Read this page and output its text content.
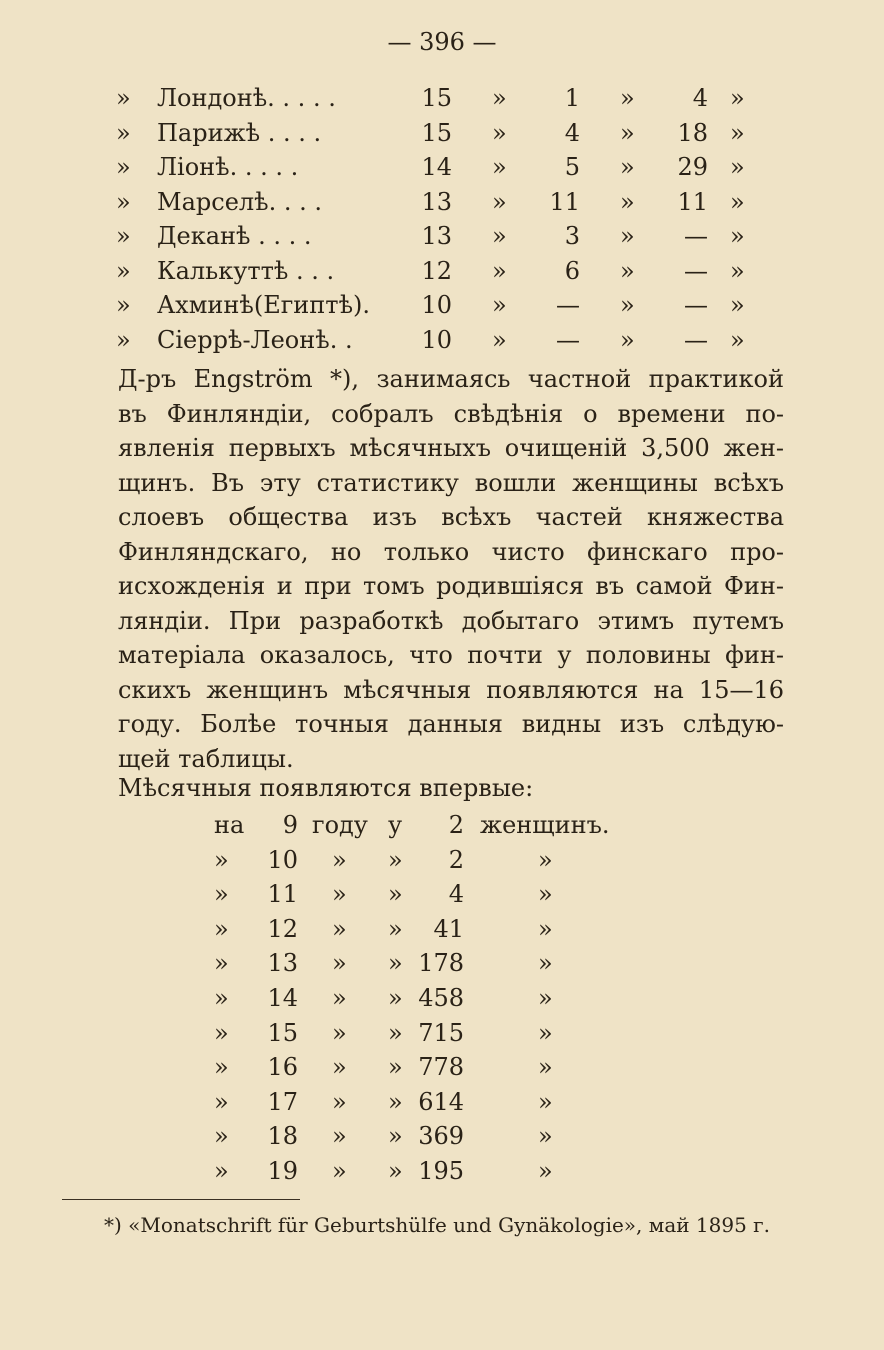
— 396 —
» Лондонѣ. . . . .	15 »	1 »	4 »
» Парижѣ . . . .	15 »	4 »	18 »
» Ліонѣ. . . . .	14 »	5 »	29 »
» Марселѣ. . . .	13 »	11 »	11 »
» Деканѣ . . . .	13 »	3 »	— »
» Калькуттѣ . . .	12 »	6 »	— »
» Ахминѣ(Египтѣ).	10 »	— »	— »
» Сіеррѣ-Леонѣ. .	10 »	— »	— »
Д-ръ Engström *), занимаясь частной практикой
въ Финляндіи, собралъ свѣдѣнія о времени по-
явленія первыхъ мѣсячныхъ очищеній 3,500 жен-
щинъ. Въ эту статистику вошли женщины всѣхъ
слоевъ общества изъ всѣхъ частей княжества
Финляндскаго, но только чисто финскаго про-
исхожденія и при томъ родившіяся въ самой Фин-
ляндіи. При разработкѣ добытаго этимъ путемъ
матеріала оказалось, что почти у половины фин-
скихъ женщинъ мѣсячныя появляются на 15—16
году. Болѣе точныя данныя видны изъ слѣдую-
щей таблицы.
Мѣсячныя появляются впервые:
на	9 году у	2 женщинъ.
»	10 » »	2	»
»	11 » »	4	»
»	12 » »	41	»
»	13 » » 178	»
»	14 » » 458	»
»	15 » » 715	»
»	16 » » 778	»
»	17 » » 614	»
»	18 » » 369	»
»	19 » » 195	»
*) «Monatschrift für Geburtshülfe und Gynäkologie», май 1895 г.
